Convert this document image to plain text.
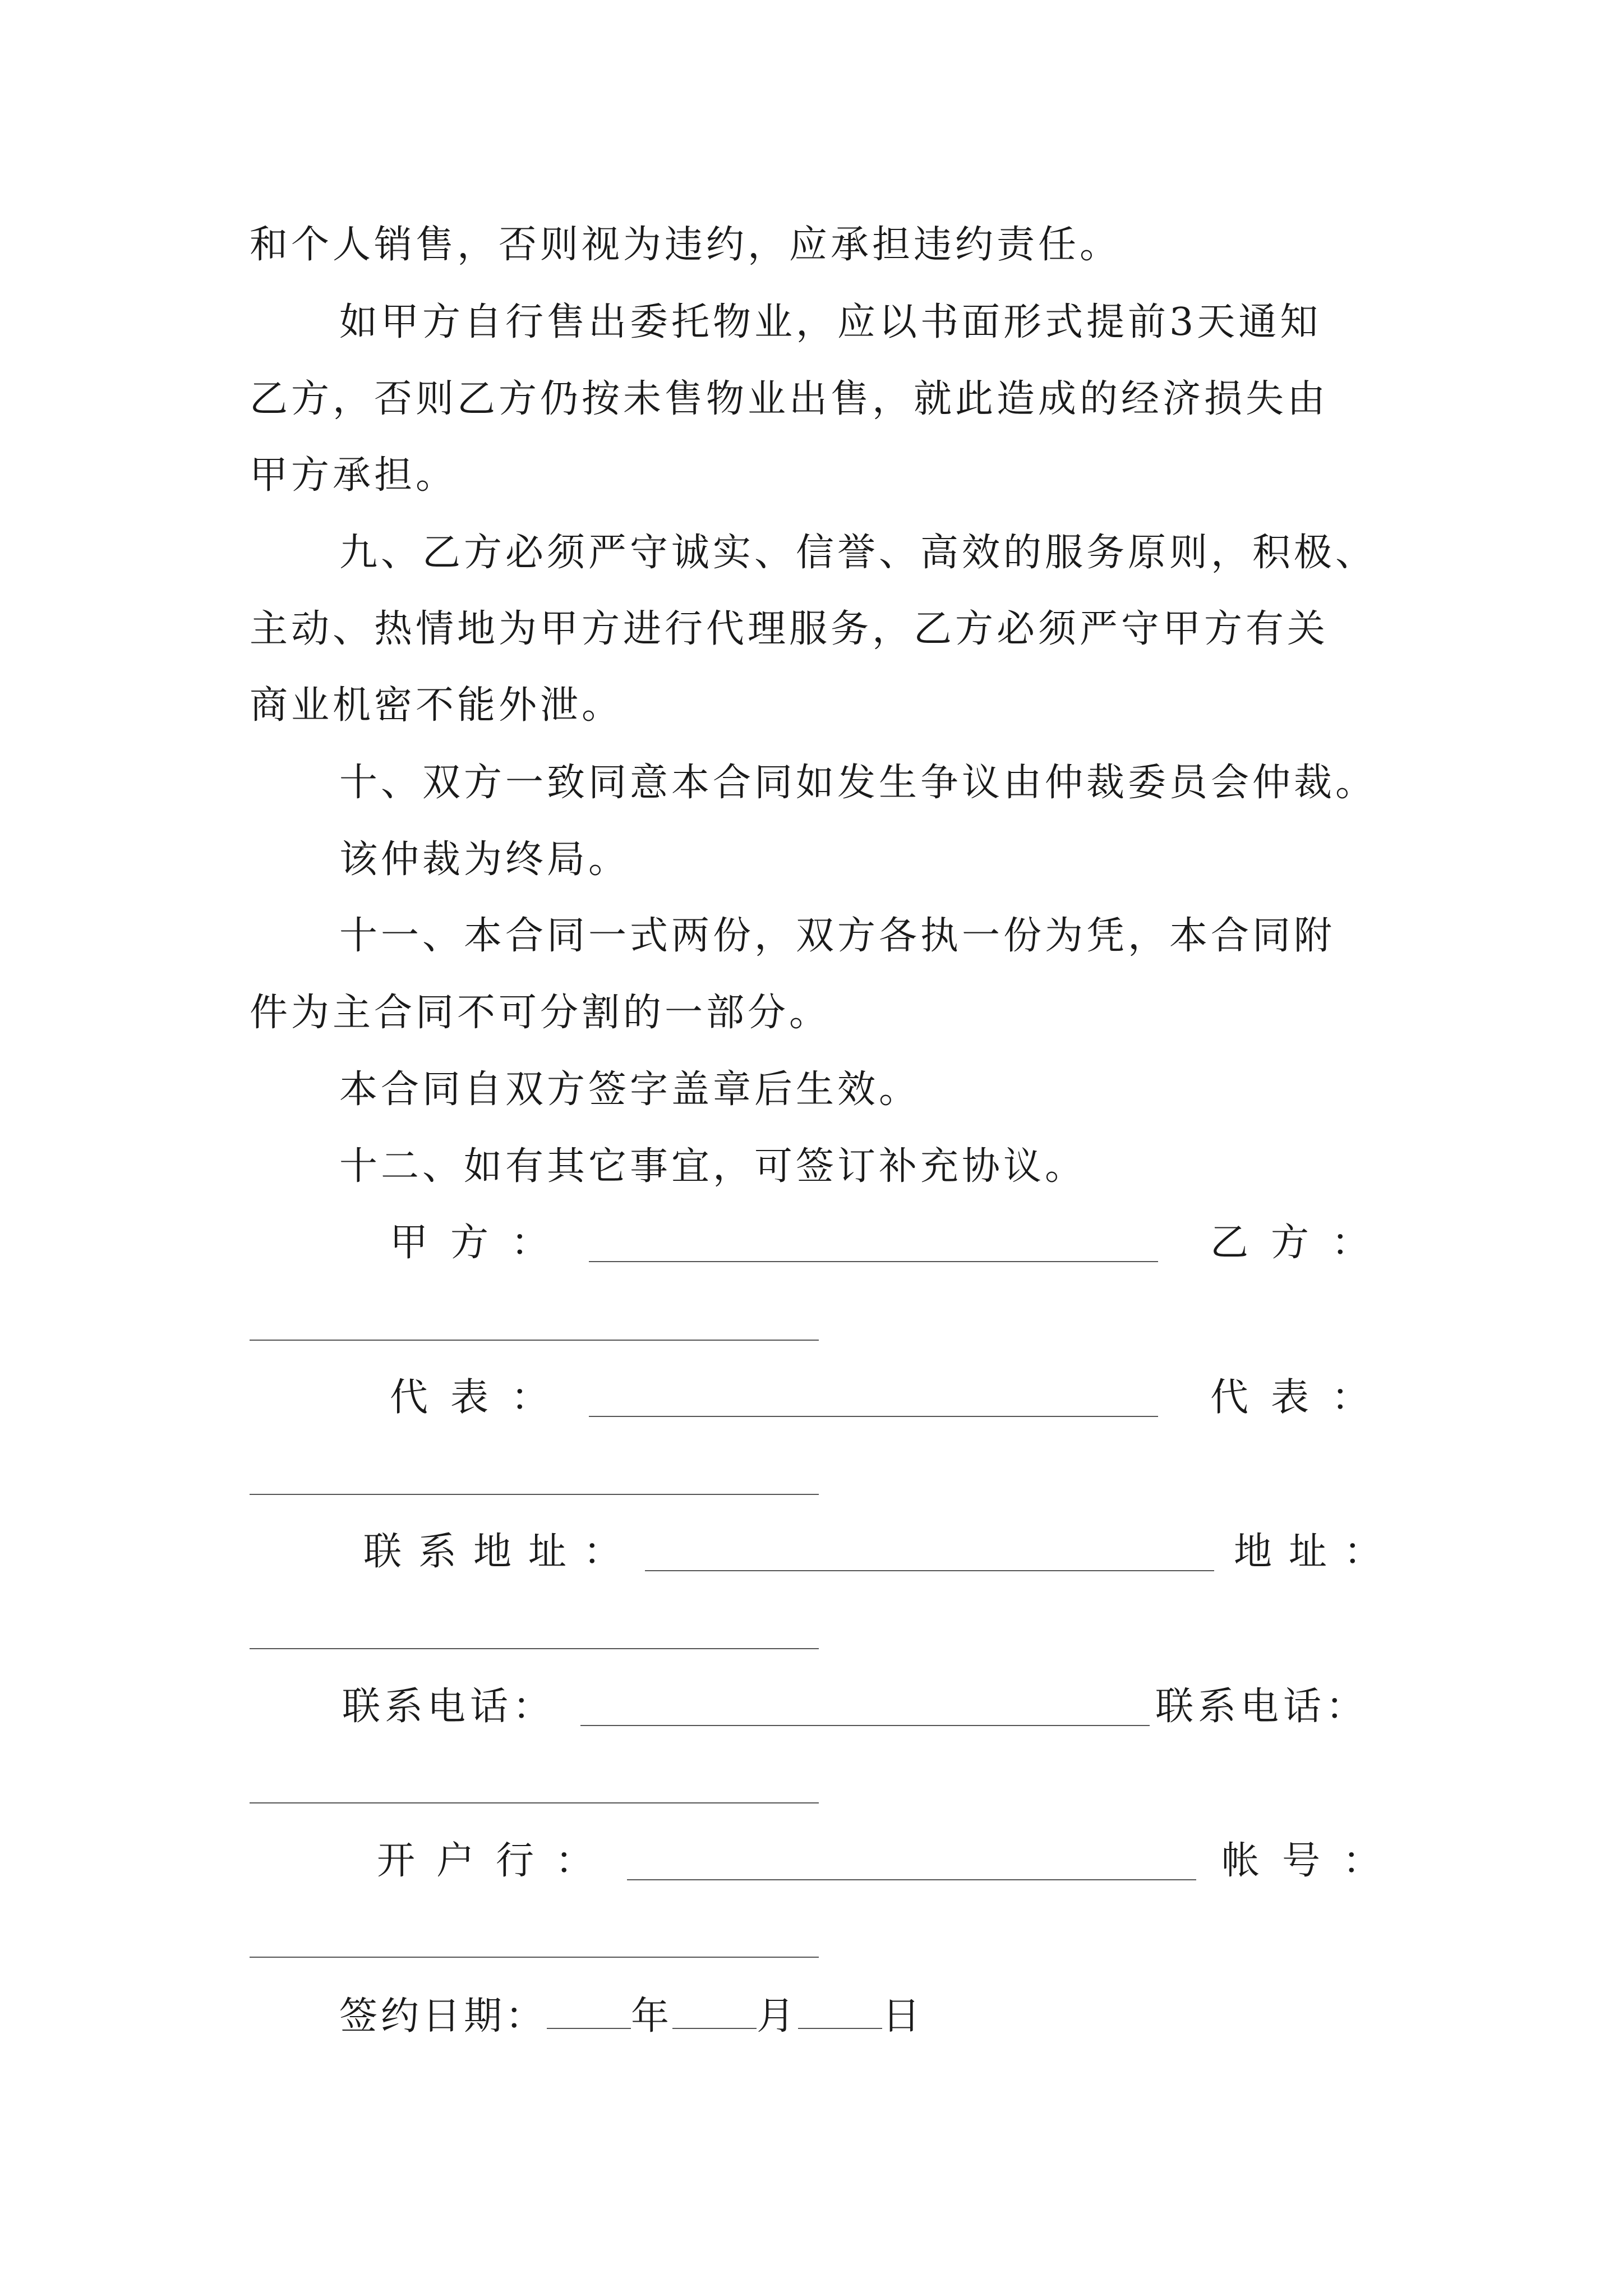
和个人销售，否则视为违约，应承担违约责任。
如甲方自行售出委托物业，应以书面形式提前3天通知
乙方，否则乙方仍按未售物业出售，就此造成的经济损失由
甲方承担。
九、乙方必须严守诚实、信誉、高效的服务原则，积极、
主动、热情地为甲方进行代理服务，乙方必须严守甲方有关
商业机密不能外泄。
十、双方一致同意本合同如发生争议由仲裁委员会仲裁。
该仲裁为终局。
十一、本合同一式两份，双方各执一份为凭，本合同附
件为主合同不可分割的一部分。
本合同自双方签字盖章后生效。
十二、如有其它事宜，可签订补充协议。
甲方：	乙方：
代表：	代表：
联系地址：	地址：
联系电话：	联系电话：
开户行：	帐号：
签约日期： 年 月 日
